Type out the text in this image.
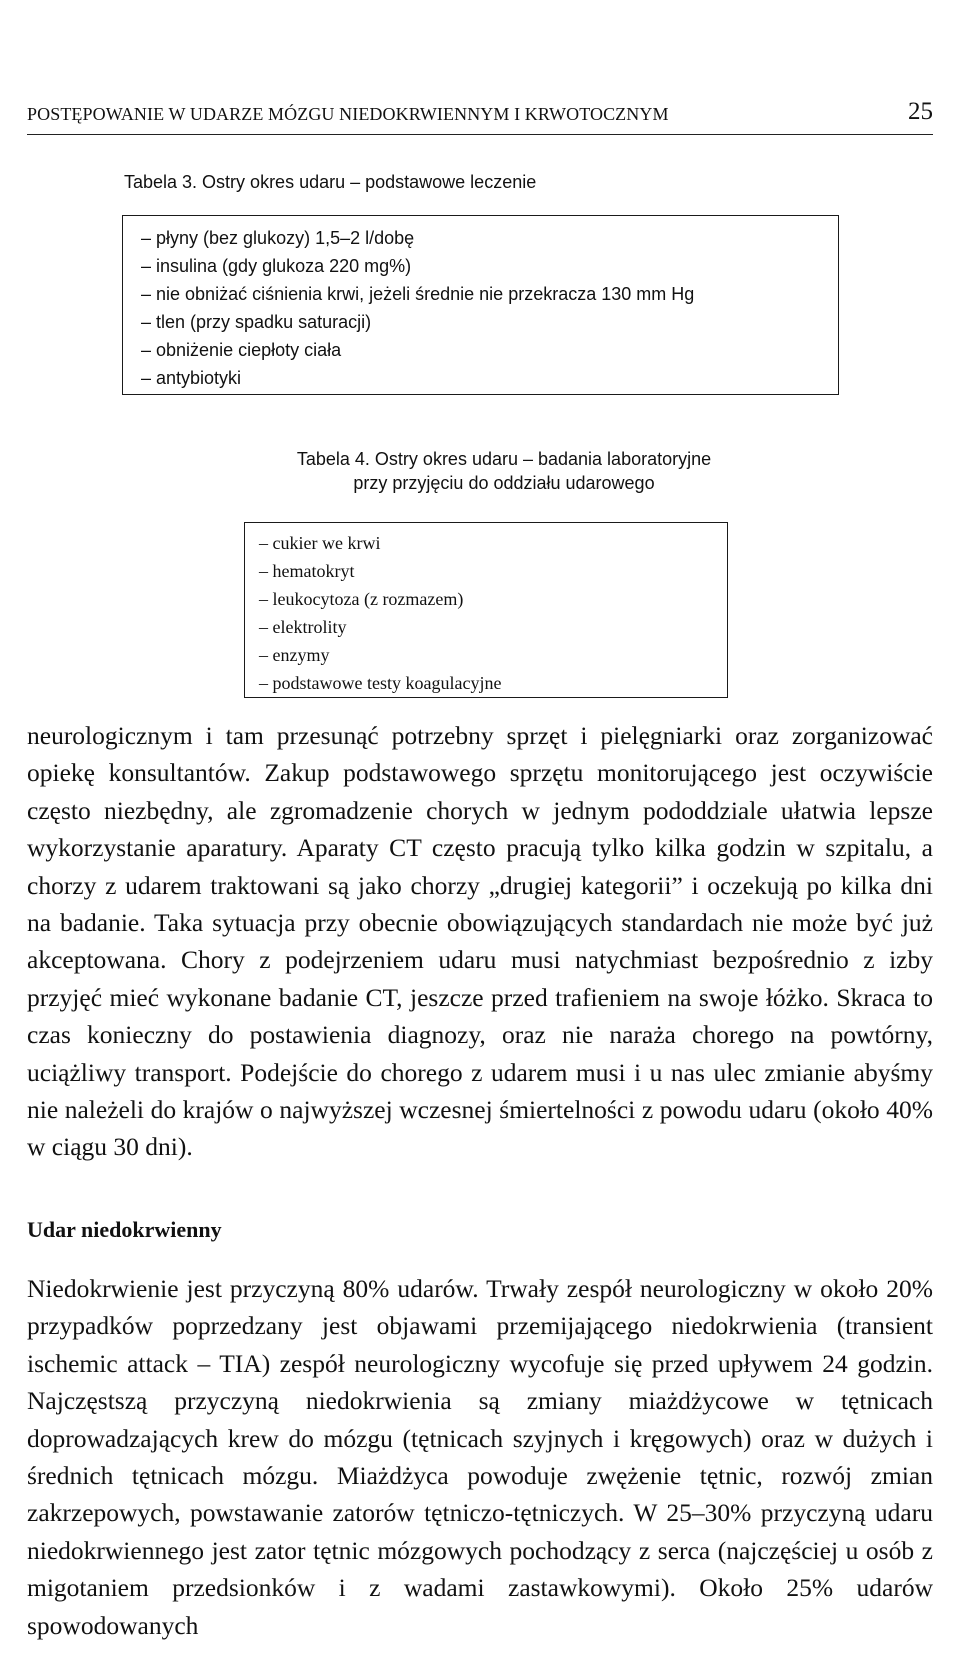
POSTĘPOWANIE W UDARZE MÓZGU NIEDOKRWIENNYM I KRWOTOCZNYM	25
Tabela 3. Ostry okres udaru – podstawowe leczenie
– płyny (bez glukozy) 1,5–2 l/dobę
– insulina (gdy glukoza 220 mg%)
– nie obniżać ciśnienia krwi, jeżeli średnie nie przekracza 130 mm Hg
– tlen (przy spadku saturacji)
– obniżenie ciepłoty ciała
– antybiotyki
Tabela 4. Ostry okres udaru – badania laboratoryjne
przy przyjęciu do oddziału udarowego
– cukier we krwi
– hematokryt
– leukocytoza (z rozmazem)
– elektrolity
– enzymy
– podstawowe testy koagulacyjne

neurologicznym i tam przesunąć potrzebny sprzęt i pielęgniarki oraz zorganizować opiekę konsultantów. Zakup podstawowego sprzętu monitorującego jest oczywiście często niezbędny, ale zgromadzenie chorych w jednym pododdziale ułatwia lepsze wykorzystanie aparatury. Aparaty CT często pracują tylko kilka godzin w szpitalu, a chorzy z udarem traktowani są jako chorzy „drugiej kategorii” i oczekują po kilka dni na badanie. Taka sytuacja przy obecnie obowiązujących standardach nie może być już akceptowana. Chory z podejrzeniem udaru musi natychmiast bezpośrednio z izby przyjęć mieć wykonane badanie CT, jeszcze przed trafieniem na swoje łóżko. Skraca to czas konieczny do postawienia diagnozy, oraz nie naraża chorego na powtórny, uciążliwy transport. Podejście do chorego z udarem musi i u nas ulec zmianie abyśmy nie należeli do krajów o najwyższej wczesnej śmiertelności z powodu udaru (około 40% w ciągu 30 dni).

Udar niedokrwienny

Niedokrwienie jest przyczyną 80% udarów. Trwały zespół neurologiczny w około 20% przypadków poprzedzany jest objawami przemijającego niedokrwienia (transient ischemic attack – TIA) zespół neurologiczny wycofuje się przed upływem 24 godzin. Najczęstszą przyczyną niedokrwienia są zmiany miażdżycowe w tętnicach doprowadzających krew do mózgu (tętnicach szyjnych i kręgowych) oraz w dużych i średnich tętnicach mózgu. Miażdżyca powoduje zwężenie tętnic, rozwój zmian zakrzepowych, powstawanie zatorów tętniczo-tętniczych. W 25–30% przyczyną udaru niedokrwiennego jest zator tętnic mózgowych pochodzący z serca (najczęściej u osób z migotaniem przedsionków i z wadami zastawkowymi). Około 25% udarów spowodowanych
